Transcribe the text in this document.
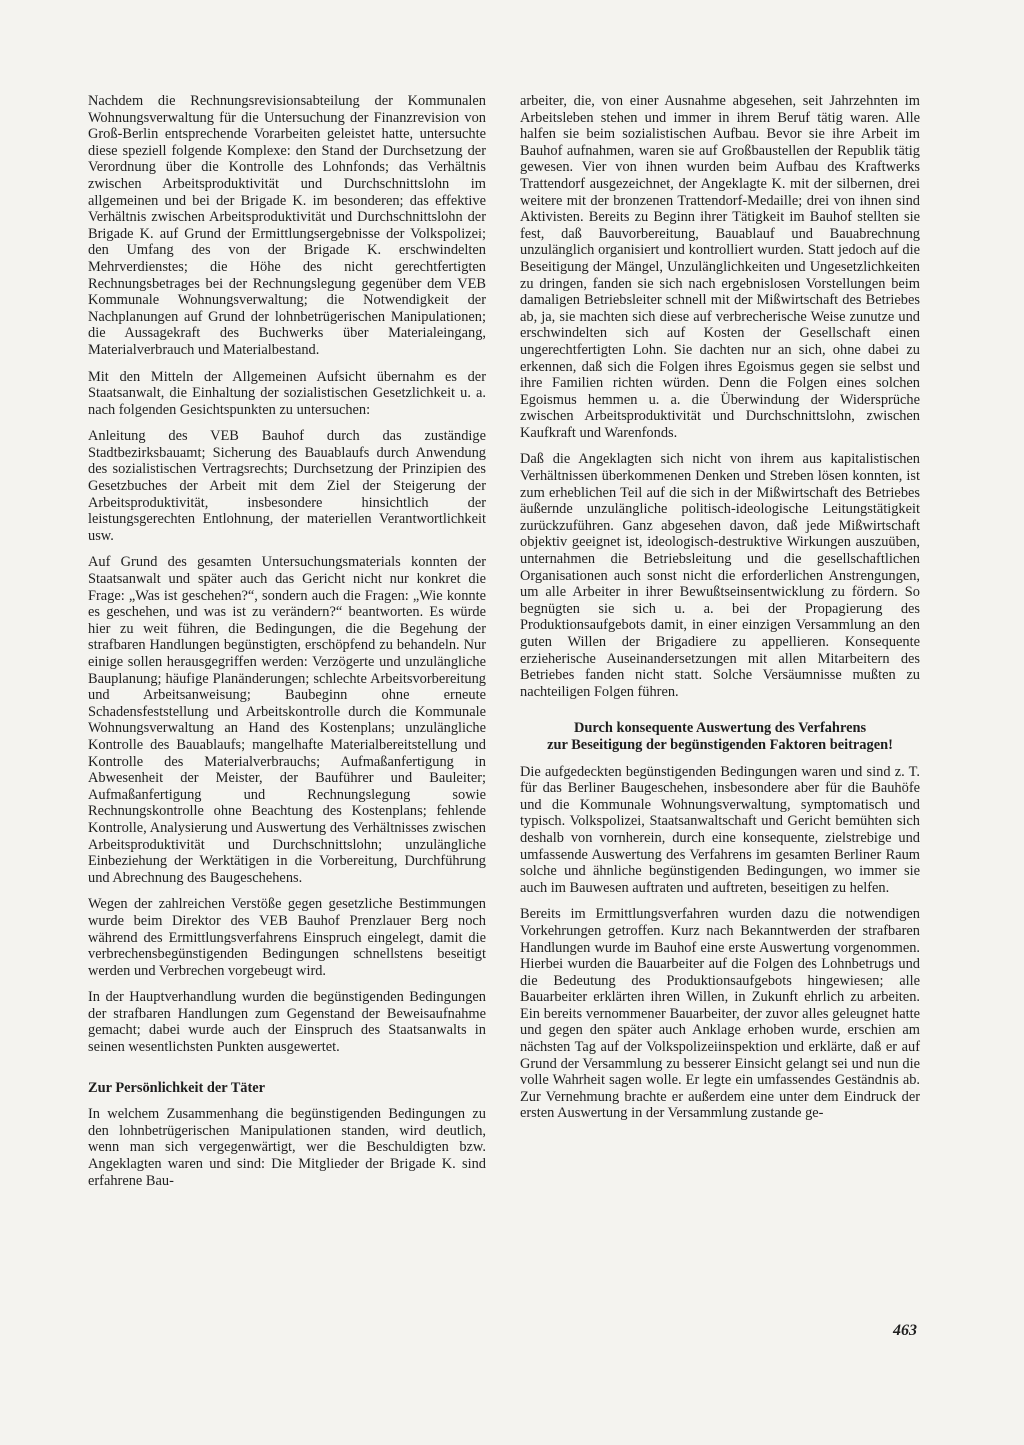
Nachdem die Rechnungsrevisionsabteilung der Kommunalen Wohnungsverwaltung für die Untersuchung der Finanzrevision von Groß-Berlin entsprechende Vorarbeiten geleistet hatte, untersuchte diese speziell folgende Komplexe: den Stand der Durchsetzung der Verordnung über die Kontrolle des Lohnfonds; das Verhältnis zwischen Arbeitsproduktivität und Durchschnittslohn im allgemeinen und bei der Brigade K. im besonderen; das effektive Verhältnis zwischen Arbeitsproduktivität und Durchschnittslohn der Brigade K. auf Grund der Ermittlungsergebnisse der Volkspolizei; den Umfang des von der Brigade K. erschwindelten Mehrverdienstes; die Höhe des nicht gerechtfertigten Rechnungsbetrages bei der Rechnungslegung gegenüber dem VEB Kommunale Wohnungsverwaltung; die Notwendigkeit der Nachplanungen auf Grund der lohnbetrügerischen Manipulationen; die Aussagekraft des Buchwerks über Materialeingang, Materialverbrauch und Materialbestand.

Mit den Mitteln der Allgemeinen Aufsicht übernahm es der Staatsanwalt, die Einhaltung der sozialistischen Gesetzlichkeit u. a. nach folgenden Gesichtspunkten zu untersuchen:

Anleitung des VEB Bauhof durch das zuständige Stadtbezirksbauamt; Sicherung des Bauablaufs durch Anwendung des sozialistischen Vertragsrechts; Durchsetzung der Prinzipien des Gesetzbuches der Arbeit mit dem Ziel der Steigerung der Arbeitsproduktivität, insbesondere hinsichtlich der leistungsgerechten Entlohnung, der materiellen Verantwortlichkeit usw.

Auf Grund des gesamten Untersuchungsmaterials konnten der Staatsanwalt und später auch das Gericht nicht nur konkret die Frage: „Was ist geschehen?“, sondern auch die Fragen: „Wie konnte es geschehen, und was ist zu verändern?“ beantworten. Es würde hier zu weit führen, die Bedingungen, die die Begehung der strafbaren Handlungen begünstigten, erschöpfend zu behandeln. Nur einige sollen herausgegriffen werden: Verzögerte und unzulängliche Bauplanung; häufige Planänderungen; schlechte Arbeitsvorbereitung und Arbeitsanweisung; Baubeginn ohne erneute Schadensfeststellung und Arbeitskontrolle durch die Kommunale Wohnungsverwaltung an Hand des Kostenplans; unzulängliche Kontrolle des Bauablaufs; mangelhafte Materialbereitstellung und Kontrolle des Materialverbrauchs; Aufmaßanfertigung in Abwesenheit der Meister, der Bauführer und Bauleiter; Aufmaßanfertigung und Rechnungslegung sowie Rechnungskontrolle ohne Beachtung des Kostenplans; fehlende Kontrolle, Analysierung und Auswertung des Verhältnisses zwischen Arbeitsproduktivität und Durchschnittslohn; unzulängliche Einbeziehung der Werktätigen in die Vorbereitung, Durchführung und Abrechnung des Baugeschehens.

Wegen der zahlreichen Verstöße gegen gesetzliche Bestimmungen wurde beim Direktor des VEB Bauhof Prenzlauer Berg noch während des Ermittlungsverfahrens Einspruch eingelegt, damit die verbrechensbegünstigenden Bedingungen schnellstens beseitigt werden und Verbrechen vorgebeugt wird.

In der Hauptverhandlung wurden die begünstigenden Bedingungen der strafbaren Handlungen zum Gegenstand der Beweisaufnahme gemacht; dabei wurde auch der Einspruch des Staatsanwalts in seinen wesentlichsten Punkten ausgewertet.

Zur Persönlichkeit der Täter

In welchem Zusammenhang die begünstigenden Bedingungen zu den lohnbetrügerischen Manipulationen standen, wird deutlich, wenn man sich vergegenwärtigt, wer die Beschuldigten bzw. Angeklagten waren und sind: Die Mitglieder der Brigade K. sind erfahrene Bau-

arbeiter, die, von einer Ausnahme abgesehen, seit Jahrzehnten im Arbeitsleben stehen und immer in ihrem Beruf tätig waren. Alle halfen sie beim sozialistischen Aufbau. Bevor sie ihre Arbeit im Bauhof aufnahmen, waren sie auf Großbaustellen der Republik tätig gewesen. Vier von ihnen wurden beim Aufbau des Kraftwerks Trattendorf ausgezeichnet, der Angeklagte K. mit der silbernen, drei weitere mit der bronzenen Trattendorf-Medaille; drei von ihnen sind Aktivisten. Bereits zu Beginn ihrer Tätigkeit im Bauhof stellten sie fest, daß Bauvorbereitung, Bauablauf und Bauabrechnung unzulänglich organisiert und kontrolliert wurden. Statt jedoch auf die Beseitigung der Mängel, Unzulänglichkeiten und Ungesetzlichkeiten zu dringen, fanden sie sich nach ergebnislosen Vorstellungen beim damaligen Betriebsleiter schnell mit der Mißwirtschaft des Betriebes ab, ja, sie machten sich diese auf verbrecherische Weise zunutze und erschwindelten sich auf Kosten der Gesellschaft einen ungerechtfertigten Lohn. Sie dachten nur an sich, ohne dabei zu erkennen, daß sich die Folgen ihres Egoismus gegen sie selbst und ihre Familien richten würden. Denn die Folgen eines solchen Egoismus hemmen u. a. die Überwindung der Widersprüche zwischen Arbeitsproduktivität und Durchschnittslohn, zwischen Kaufkraft und Warenfonds.

Daß die Angeklagten sich nicht von ihrem aus kapitalistischen Verhältnissen überkommenen Denken und Streben lösen konnten, ist zum erheblichen Teil auf die sich in der Mißwirtschaft des Betriebes äußernde unzulängliche politisch-ideologische Leitungstätigkeit zurückzuführen. Ganz abgesehen davon, daß jede Mißwirtschaft objektiv geeignet ist, ideologisch-destruktive Wirkungen auszuüben, unternahmen die Betriebsleitung und die gesellschaftlichen Organisationen auch sonst nicht die erforderlichen Anstrengungen, um alle Arbeiter in ihrer Bewußtseinsentwicklung zu fördern. So begnügten sie sich u. a. bei der Propagierung des Produktionsaufgebots damit, in einer einzigen Versammlung an den guten Willen der Brigadiere zu appellieren. Konsequente erzieherische Auseinandersetzungen mit allen Mitarbeitern des Betriebes fanden nicht statt. Solche Versäumnisse mußten zu nachteiligen Folgen führen.

Durch konsequente Auswertung des Verfahrens
zur Beseitigung der begünstigenden Faktoren beitragen!

Die aufgedeckten begünstigenden Bedingungen waren und sind z. T. für das Berliner Baugeschehen, insbesondere aber für die Bauhöfe und die Kommunale Wohnungsverwaltung, symptomatisch und typisch. Volkspolizei, Staatsanwaltschaft und Gericht bemühten sich deshalb von vornherein, durch eine konsequente, zielstrebige und umfassende Auswertung des Verfahrens im gesamten Berliner Raum solche und ähnliche begünstigenden Bedingungen, wo immer sie auch im Bauwesen auftraten und auftreten, beseitigen zu helfen.

Bereits im Ermittlungsverfahren wurden dazu die notwendigen Vorkehrungen getroffen. Kurz nach Bekanntwerden der strafbaren Handlungen wurde im Bauhof eine erste Auswertung vorgenommen. Hierbei wurden die Bauarbeiter auf die Folgen des Lohnbetrugs und die Bedeutung des Produktionsaufgebots hingewiesen; alle Bauarbeiter erklärten ihren Willen, in Zukunft ehrlich zu arbeiten. Ein bereits vernommener Bauarbeiter, der zuvor alles geleugnet hatte und gegen den später auch Anklage erhoben wurde, erschien am nächsten Tag auf der Volkspolizeiinspektion und erklärte, daß er auf Grund der Versammlung zu besserer Einsicht gelangt sei und nun die volle Wahrheit sagen wolle. Er legte ein umfassendes Geständnis ab. Zur Vernehmung brachte er außerdem eine unter dem Eindruck der ersten Auswertung in der Versammlung zustande ge-

463
